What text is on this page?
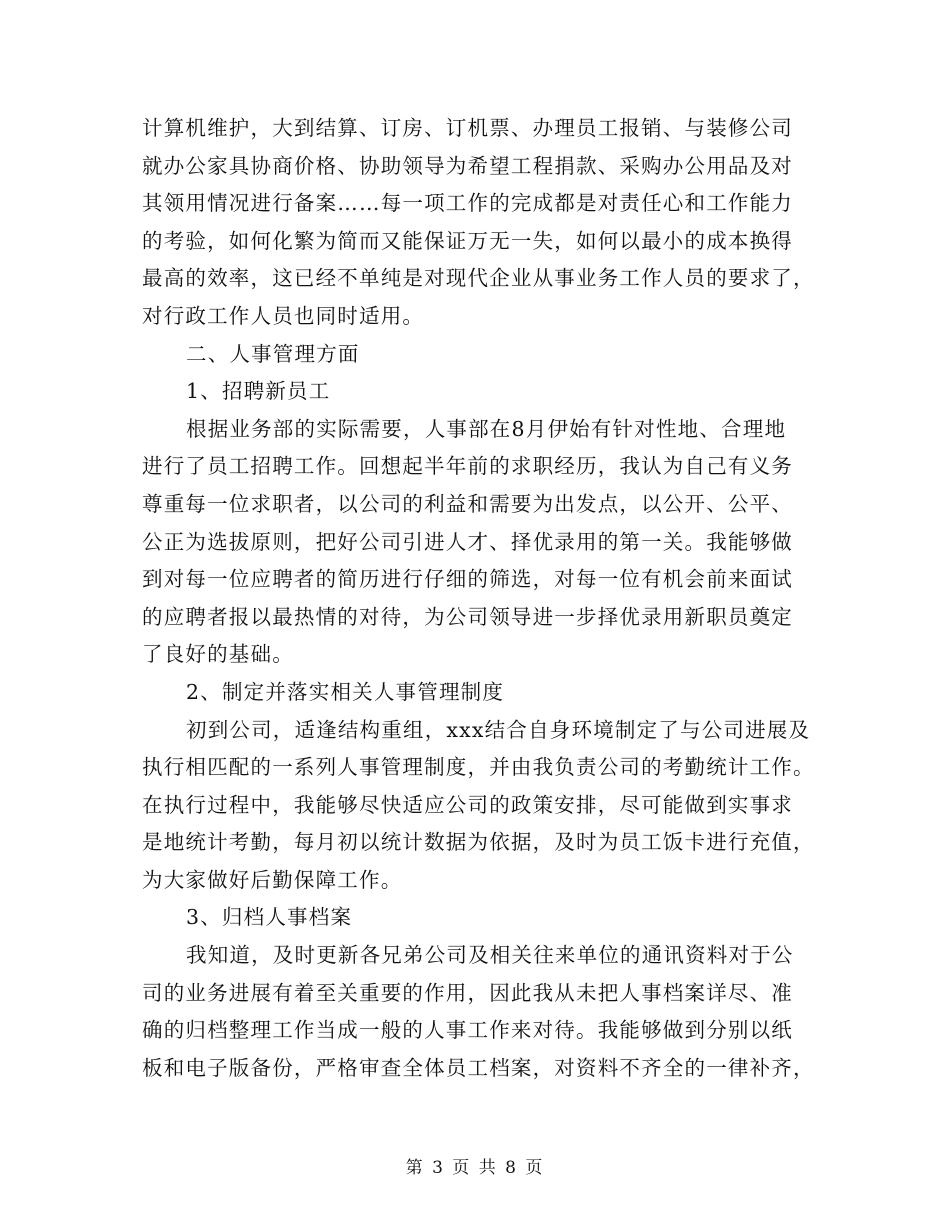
计算机维护，大到结算、订房、订机票、办理员工报销、与装修公司
就办公家具协商价格、协助领导为希望工程捐款、采购办公用品及对
其领用情况进行备案……每一项工作的完成都是对责任心和工作能力
的考验，如何化繁为简而又能保证万无一失，如何以最小的成本换得
最高的效率，这已经不单纯是对现代企业从事业务工作人员的要求了，
对行政工作人员也同时适用。
二、人事管理方面
1、招聘新员工
根据业务部的实际需要，人事部在8月伊始有针对性地、合理地
进行了员工招聘工作。回想起半年前的求职经历，我认为自己有义务
尊重每一位求职者，以公司的利益和需要为出发点，以公开、公平、
公正为选拔原则，把好公司引进人才、择优录用的第一关。我能够做
到对每一位应聘者的简历进行仔细的筛选，对每一位有机会前来面试
的应聘者报以最热情的对待，为公司领导进一步择优录用新职员奠定
了良好的基础。
2、制定并落实相关人事管理制度
初到公司，适逢结构重组，xxx结合自身环境制定了与公司进展及
执行相匹配的一系列人事管理制度，并由我负责公司的考勤统计工作。
在执行过程中，我能够尽快适应公司的政策安排，尽可能做到实事求
是地统计考勤，每月初以统计数据为依据，及时为员工饭卡进行充值，
为大家做好后勤保障工作。
3、归档人事档案
我知道，及时更新各兄弟公司及相关往来单位的通讯资料对于公
司的业务进展有着至关重要的作用，因此我从未把人事档案详尽、准
确的归档整理工作当成一般的人事工作来对待。我能够做到分别以纸
板和电子版备份，严格审查全体员工档案，对资料不齐全的一律补齐，
第 3 页 共 8 页
